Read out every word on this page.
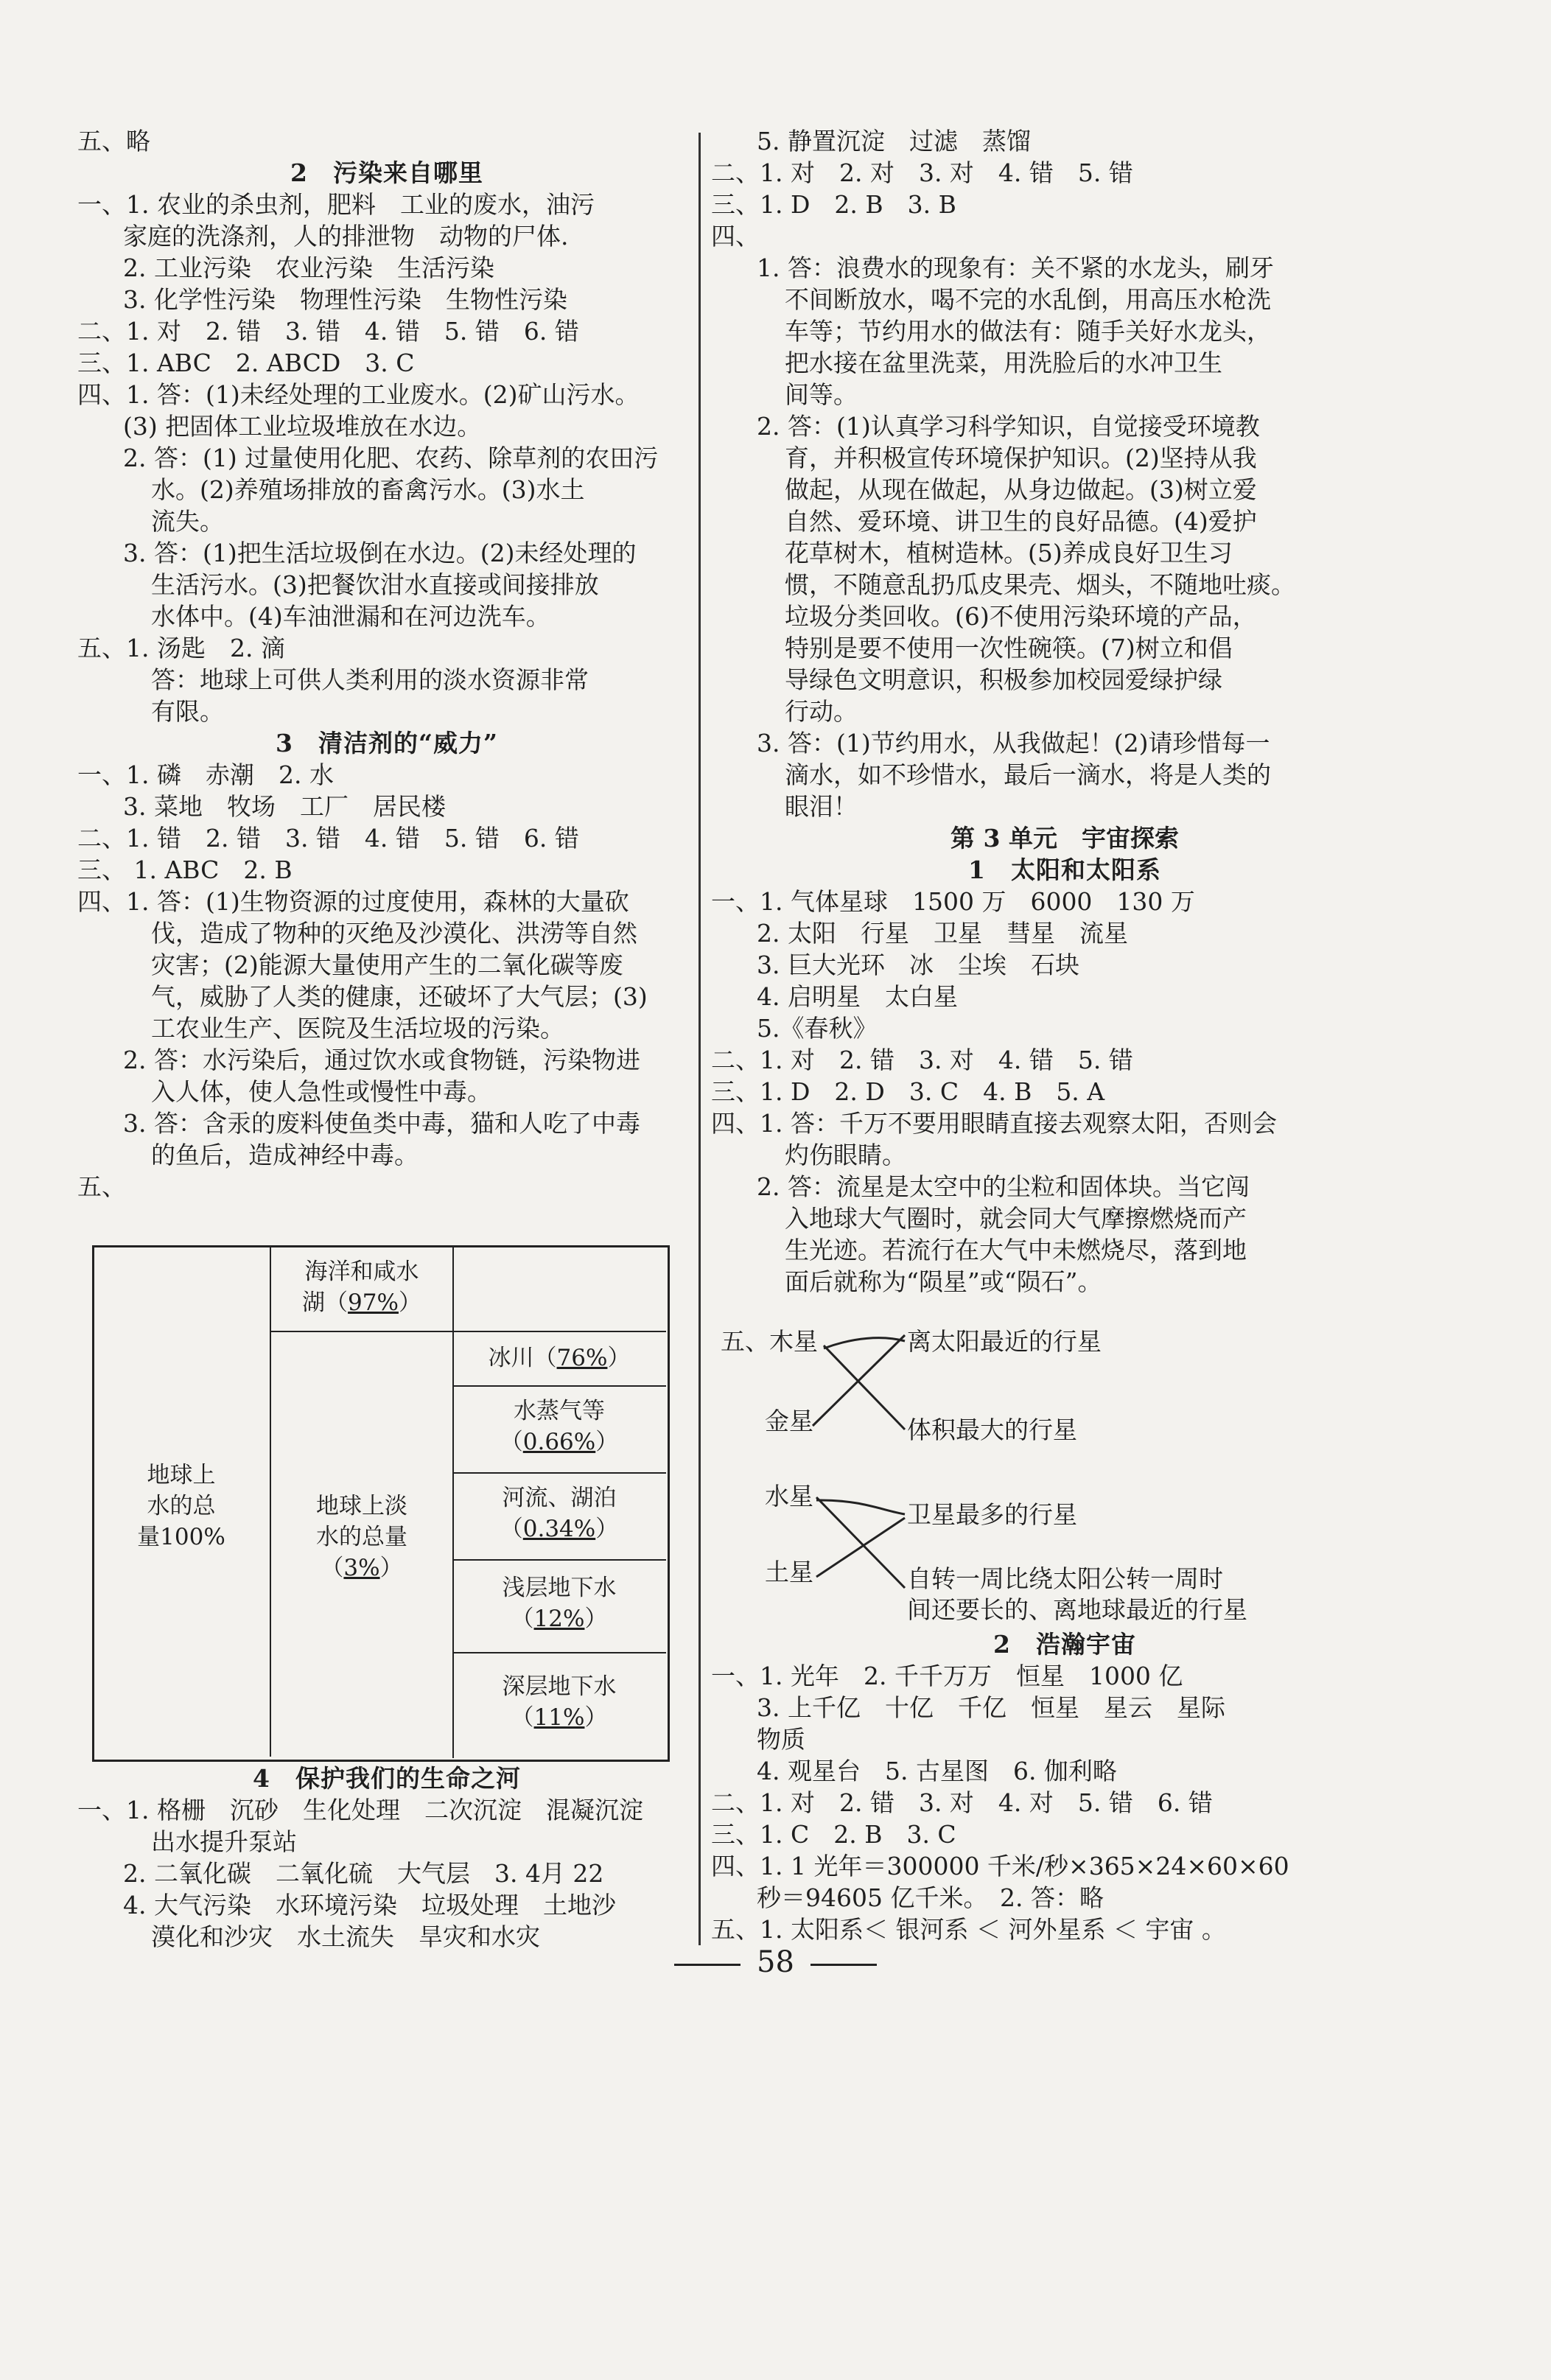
五、略
2　污染来自哪里
一、1. 农业的杀虫剂，肥料　工业的废水，油污
家庭的洗涤剂，人的排泄物　动物的尸体.
2. 工业污染　农业污染　生活污染
3. 化学性污染　物理性污染　生物性污染
二、1. 对　2. 错　3. 错　4. 错　5. 错　6. 错
三、1. ABC　2. ABCD　3. C
四、1. 答：(1)未经处理的工业废水。(2)矿山污水。
(3) 把固体工业垃圾堆放在水边。
2. 答：(1) 过量使用化肥、农药、除草剂的农田污
水。(2)养殖场排放的畜禽污水。(3)水土
流失。
3. 答：(1)把生活垃圾倒在水边。(2)未经处理的
生活污水。(3)把餐饮泔水直接或间接排放
水体中。(4)车油泄漏和在河边洗车。
五、1. 汤匙　2. 滴
答：地球上可供人类利用的淡水资源非常
有限。
3　清洁剂的“威力”
一、1. 磷　赤潮　2. 水
3. 菜地　牧场　工厂　居民楼
二、1. 错　2. 错　3. 错　4. 错　5. 错　6. 错
三、 1. ABC　2. B
四、1. 答：(1)生物资源的过度使用，森林的大量砍
伐，造成了物种的灭绝及沙漠化、洪涝等自然
灾害；(2)能源大量使用产生的二氧化碳等废
气，威胁了人类的健康，还破坏了大气层；(3)
工农业生产、医院及生活垃圾的污染。
2. 答：水污染后，通过饮水或食物链，污染物进
入人体，使人急性或慢性中毒。
3. 答：含汞的废料使鱼类中毒，猫和人吃了中毒
的鱼后，造成神经中毒。
五、
地球上
水的总
量100%
海洋和咸水
湖（97%）
地球上淡
水的总量
（3%）
冰川（76%）
水蒸气等
（0.66%）
河流、湖泊
（0.34%）
浅层地下水
（12%）
深层地下水
（11%）
4　保护我们的生命之河
一、1. 格栅　沉砂　生化处理　二次沉淀　混凝沉淀
出水提升泵站
2. 二氧化碳　二氧化硫　大气层　3. 4月 22
4. 大气污染　水环境污染　垃圾处理　土地沙
漠化和沙灾　水土流失　旱灾和水灾
5. 静置沉淀　过滤　蒸馏
二、1. 对　2. 对　3. 对　4. 错　5. 错
三、1. D　2. B　3. B
四、
1. 答：浪费水的现象有：关不紧的水龙头，刷牙
不间断放水，喝不完的水乱倒，用高压水枪洗
车等；节约用水的做法有：随手关好水龙头，
把水接在盆里洗菜，用洗脸后的水冲卫生
间等。
2. 答：(1)认真学习科学知识，自觉接受环境教
育，并积极宣传环境保护知识。(2)坚持从我
做起，从现在做起，从身边做起。(3)树立爱
自然、爱环境、讲卫生的良好品德。(4)爱护
花草树木，植树造林。(5)养成良好卫生习
惯，不随意乱扔瓜皮果壳、烟头，不随地吐痰。
垃圾分类回收。(6)不使用污染环境的产品，
特别是要不使用一次性碗筷。(7)树立和倡
导绿色文明意识，积极参加校园爱绿护绿
行动。
3. 答：(1)节约用水，从我做起！(2)请珍惜每一
滴水，如不珍惜水，最后一滴水，将是人类的
眼泪！
第 3 单元　宇宙探索
1　太阳和太阳系
一、1. 气体星球　1500 万　6000　130 万
2. 太阳　行星　卫星　彗星　流星
3. 巨大光环　冰　尘埃　石块
4. 启明星　太白星
5.《春秋》
二、1. 对　2. 错　3. 对　4. 错　5. 错
三、1. D　2. D　3. C　4. B　5. A
四、1. 答：千万不要用眼睛直接去观察太阳，否则会
灼伤眼睛。
2. 答：流星是太空中的尘粒和固体块。当它闯
入地球大气圈时，就会同大气摩擦燃烧而产
生光迹。若流行在大气中未燃烧尽，落到地
面后就称为“陨星”或“陨石”。
五、 木星
金星
水星
土星
离太阳最近的行星
体积最大的行星
卫星最多的行星
自转一周比绕太阳公转一周时
间还要长的、离地球最近的行星
2　浩瀚宇宙
一、1. 光年　2. 千千万万　恒星　1000 亿
3. 上千亿　十亿　千亿　恒星　星云　星际
物质
4. 观星台　5. 古星图　6. 伽利略
二、1. 对　2. 错　3. 对　4. 对　5. 错　6. 错
三、1. C　2. B　3. C
四、1. 1 光年＝300000 千米/秒×365×24×60×60
秒＝94605 亿千米。　2. 答：略
五、1. 太阳系＜ 银河系 ＜ 河外星系 ＜ 宇宙 。
58
